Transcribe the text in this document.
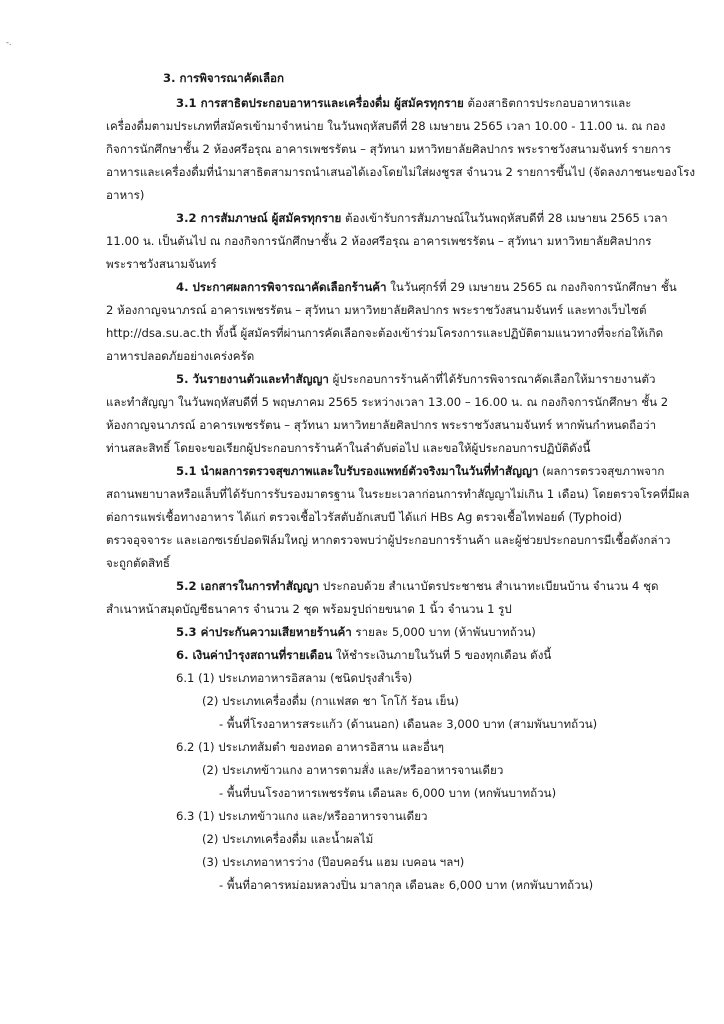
-.
3. การพิจารณาคัดเลือก
3.1 การสาธิตประกอบอาหารและเครื่องดื่ม ผู้สมัครทุกราย ต้องสาธิตการประกอบอาหารและ
เครื่องดื่มตามประเภทที่สมัครเข้ามาจำหน่าย ในวันพฤหัสบดีที่ 28 เมษายน 2565 เวลา 10.00 - 11.00 น. ณ กอง
กิจการนักศึกษาชั้น 2 ห้องศรีอรุณ อาคารเพชรรัตน – สุวัทนา มหาวิทยาลัยศิลปากร พระราชวังสนามจันทร์ รายการ
อาหารและเครื่องดื่มที่นำมาสาธิตสามารถนำเสนอได้เองโดยไม่ใส่ผงชูรส จำนวน 2 รายการขึ้นไป (จัดลงภาชนะของโรง
อาหาร)
3.2 การสัมภาษณ์ ผู้สมัครทุกราย ต้องเข้ารับการสัมภาษณ์ในวันพฤหัสบดีที่ 28 เมษายน 2565 เวลา
11.00 น. เป็นต้นไป ณ กองกิจการนักศึกษาชั้น 2 ห้องศรีอรุณ อาคารเพชรรัตน – สุวัทนา มหาวิทยาลัยศิลปากร
พระราชวังสนามจันทร์
4. ประกาศผลการพิจารณาคัดเลือกร้านค้า ในวันศุกร์ที่ 29 เมษายน 2565 ณ กองกิจการนักศึกษา ชั้น
2 ห้องกาญจนาภรณ์ อาคารเพชรรัตน – สุวัทนา มหาวิทยาลัยศิลปากร พระราชวังสนามจันทร์ และทางเว็บไซต์
http://dsa.su.ac.th ทั้งนี้ ผู้สมัครที่ผ่านการคัดเลือกจะต้องเข้าร่วมโครงการและปฏิบัติตามแนวทางที่จะก่อให้เกิด
อาหารปลอดภัยอย่างเคร่งครัด
5. วันรายงานตัวและทำสัญญา ผู้ประกอบการร้านค้าที่ได้รับการพิจารณาคัดเลือกให้มารายงานตัว
และทำสัญญา ในวันพฤหัสบดีที่ 5 พฤษภาคม 2565 ระหว่างเวลา 13.00 – 16.00 น. ณ กองกิจการนักศึกษา ชั้น 2
ห้องกาญจนาภรณ์ อาคารเพชรรัตน – สุวัทนา มหาวิทยาลัยศิลปากร พระราชวังสนามจันทร์ หากพ้นกำหนดถือว่า
ท่านสละสิทธิ์ โดยจะขอเรียกผู้ประกอบการร้านค้าในลำดับต่อไป และขอให้ผู้ประกอบการปฏิบัติดังนี้
5.1 นำผลการตรวจสุขภาพและใบรับรองแพทย์ตัวจริงมาในวันที่ทำสัญญา (ผลการตรวจสุขภาพจาก
สถานพยาบาลหรือแล็บที่ได้รับการรับรองมาตรฐาน ในระยะเวลาก่อนการทำสัญญาไม่เกิน 1 เดือน) โดยตรวจโรคที่มีผล
ต่อการแพร่เชื้อทางอาหาร ได้แก่ ตรวจเชื้อไวรัสตับอักเสบบี ได้แก่ HBs Ag ตรวจเชื้อไทฟอยด์ (Typhoid)
ตรวจอุจจาระ และเอกซเรย์ปอดฟิล์มใหญ่ หากตรวจพบว่าผู้ประกอบการร้านค้า และผู้ช่วยประกอบการมีเชื้อดังกล่าว
จะถูกตัดสิทธิ์
5.2 เอกสารในการทำสัญญา ประกอบด้วย สำเนาบัตรประชาชน สำเนาทะเบียนบ้าน จำนวน 4 ชุด
สำเนาหน้าสมุดบัญชีธนาคาร จำนวน 2 ชุด พร้อมรูปถ่ายขนาด 1 นิ้ว จำนวน 1 รูป
5.3 ค่าประกันความเสียหายร้านค้า รายละ 5,000 บาท (ห้าพันบาทถ้วน)
6. เงินค่าบำรุงสถานที่รายเดือน ให้ชำระเงินภายในวันที่ 5 ของทุกเดือน ดังนี้
6.1 (1) ประเภทอาหารอิสลาม (ชนิดปรุงสำเร็จ)
(2) ประเภทเครื่องดื่ม (กาแฟสด ชา โกโก้ ร้อน เย็น)
- พื้นที่โรงอาหารสระแก้ว (ด้านนอก) เดือนละ 3,000 บาท (สามพันบาทถ้วน)
6.2 (1) ประเภทส้มตำ ของทอด อาหารอิสาน และอื่นๆ
(2) ประเภทข้าวแกง อาหารตามสั่ง และ/หรืออาหารจานเดียว
- พื้นที่บนโรงอาหารเพชรรัตน เดือนละ 6,000 บาท (หกพันบาทถ้วน)
6.3 (1) ประเภทข้าวแกง และ/หรืออาหารจานเดียว
(2) ประเภทเครื่องดื่ม และน้ำผลไม้
(3) ประเภทอาหารว่าง (ป๊อบคอร์น แฮม เบคอน ฯลฯ)
- พื้นที่อาคารหม่อมหลวงปิ่น มาลากุล เดือนละ 6,000 บาท (หกพันบาทถ้วน)
